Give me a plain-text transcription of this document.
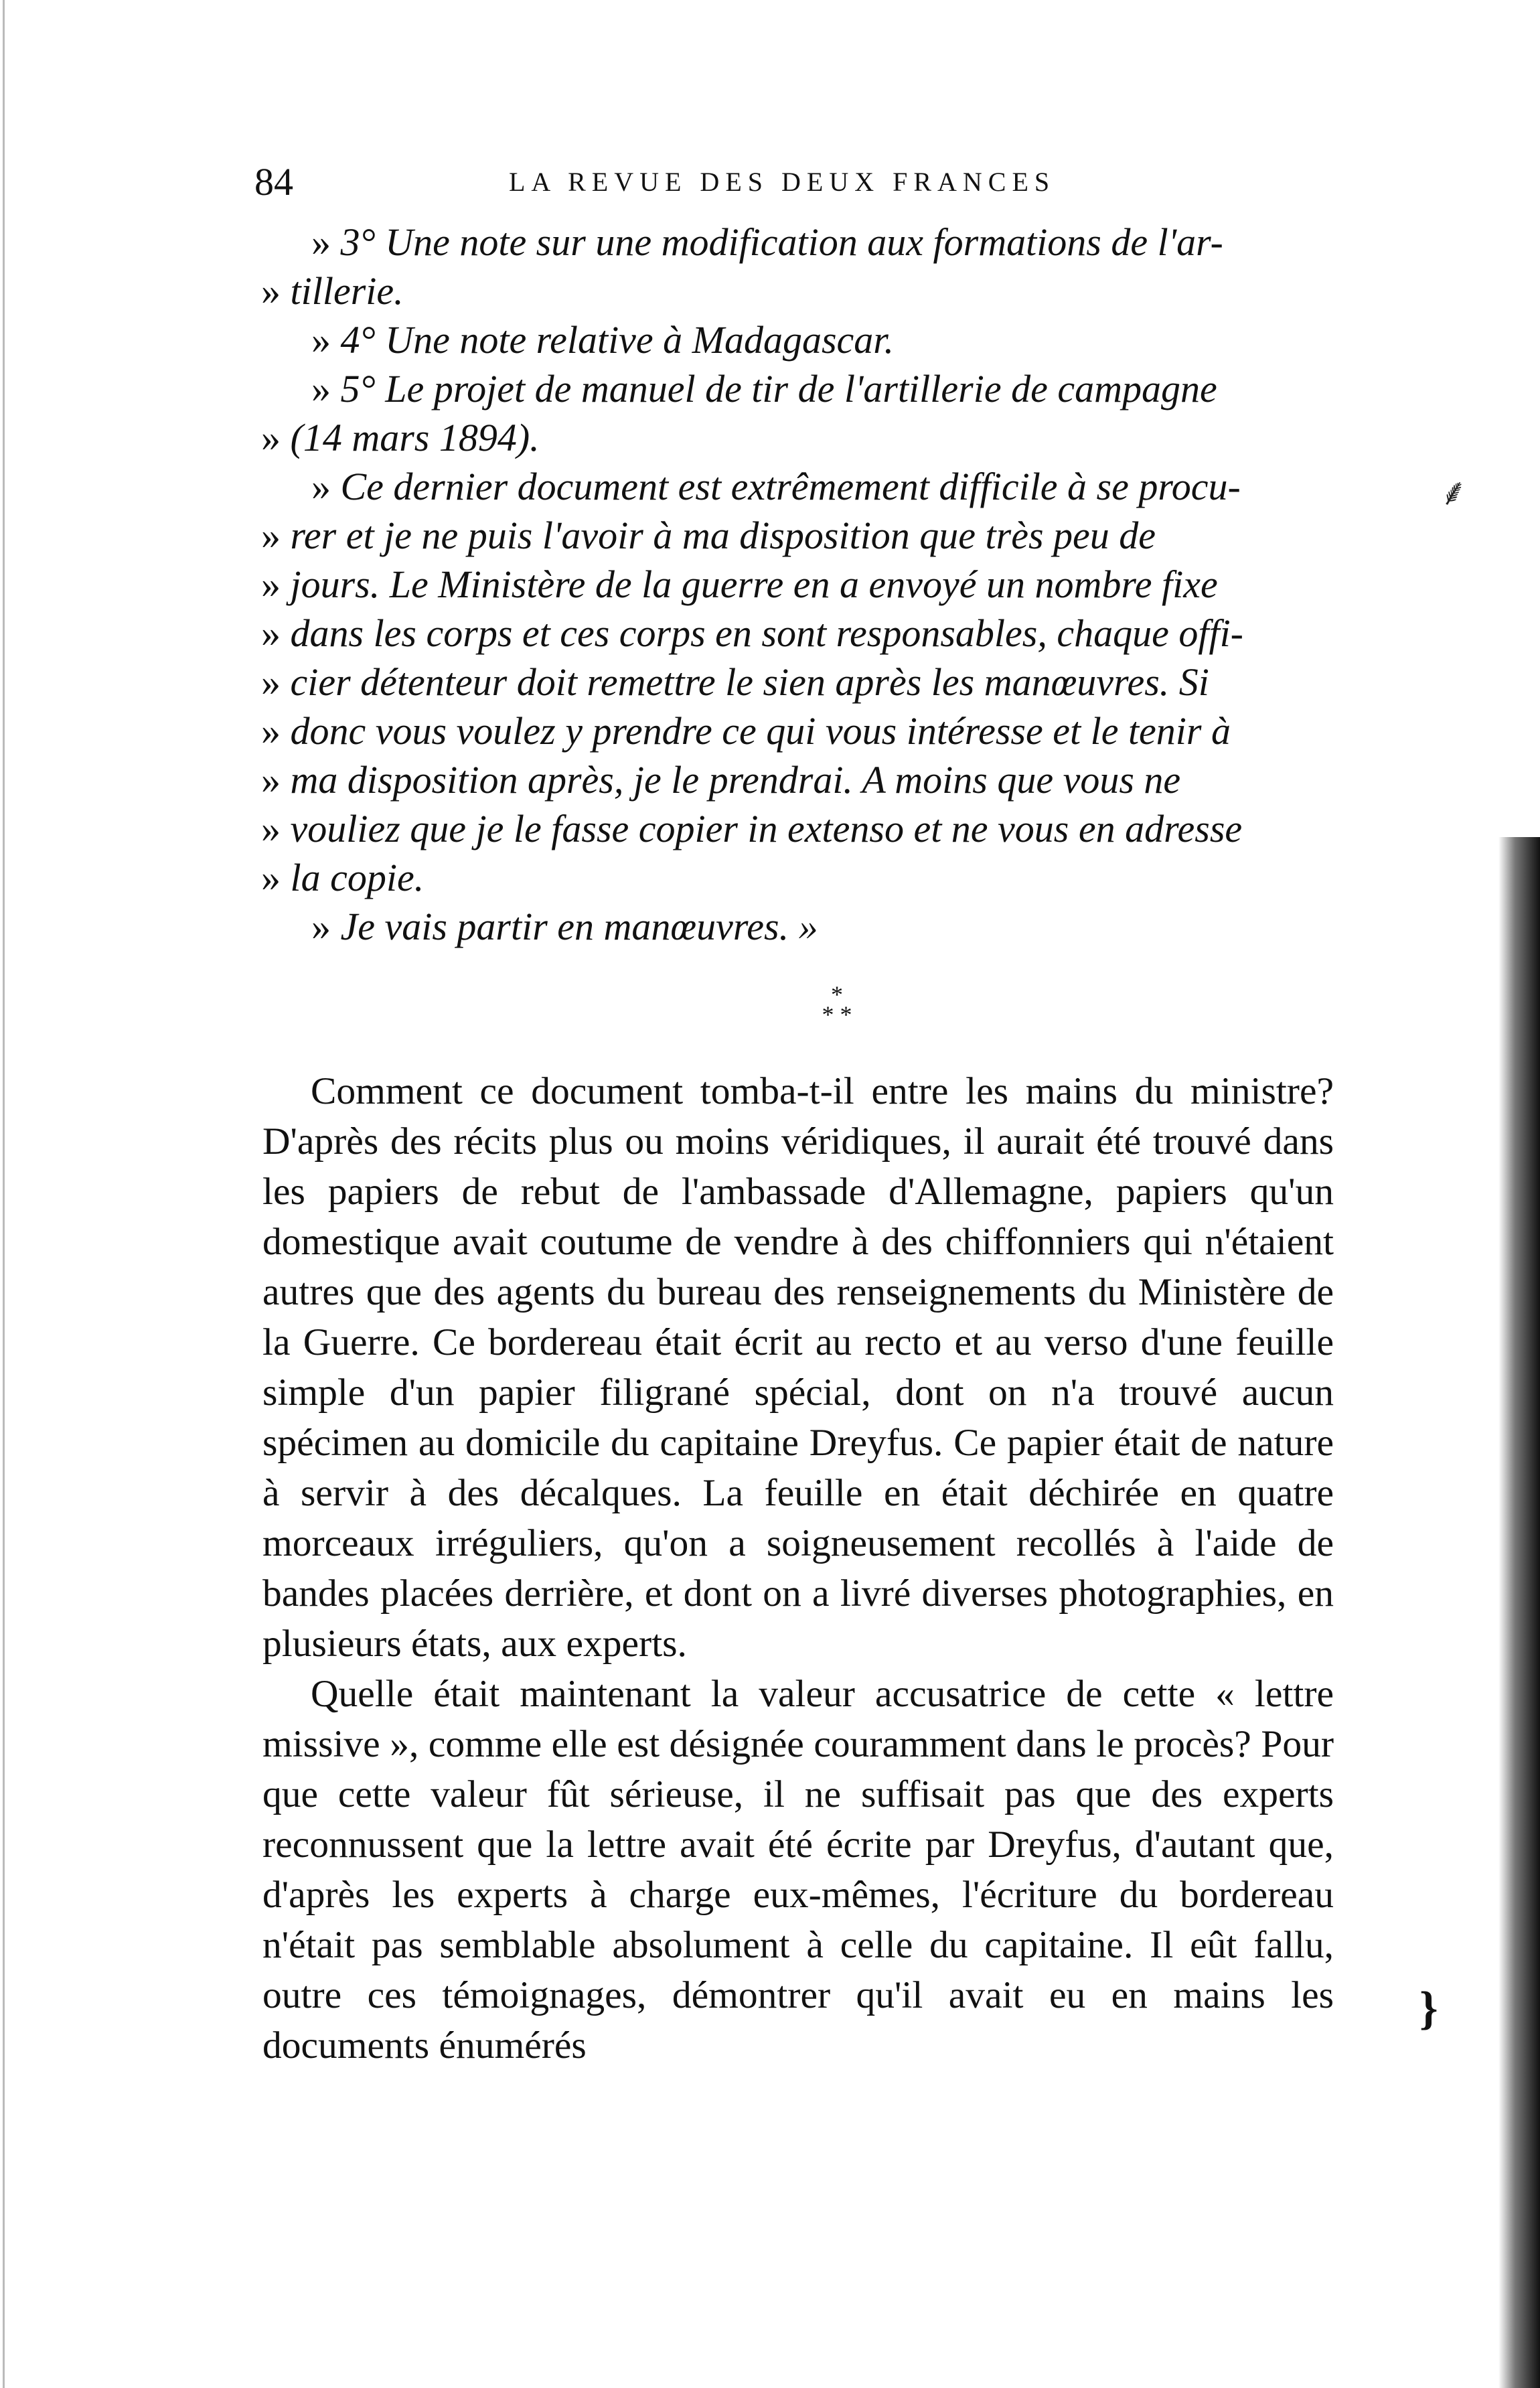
84	LA REVUE DES DEUX FRANCES
» 3° Une note sur une modification aux formations de l'ar-
» tillerie.
» 4° Une note relative à Madagascar.
» 5° Le projet de manuel de tir de l'artillerie de campagne
» (14 mars 1894).
» Ce dernier document est extrêmement difficile à se procu-
» rer et je ne puis l'avoir à ma disposition que très peu de
» jours. Le Ministère de la guerre en a envoyé un nombre fixe
» dans les corps et ces corps en sont responsables, chaque offi-
» cier détenteur doit remettre le sien après les manœuvres. Si
» donc vous voulez y prendre ce qui vous intéresse et le tenir à
» ma disposition après, je le prendrai. A moins que vous ne
» vouliez que je le fasse copier in extenso et ne vous en adresse
» la copie.
» Je vais partir en manœuvres. »
*
* *

Comment ce document tomba-t-il entre les mains du ministre? D'après des récits plus ou moins véridiques, il aurait été trouvé dans les papiers de rebut de l'ambassade d'Allemagne, papiers qu'un domestique avait coutume de vendre à des chiffonniers qui n'étaient autres que des agents du bureau des renseignements du Ministère de la Guerre. Ce bordereau était écrit au recto et au verso d'une feuille simple d'un papier filigrané spécial, dont on n'a trouvé aucun spécimen au domicile du capitaine Dreyfus. Ce papier était de nature à servir à des décalques. La feuille en était déchirée en quatre morceaux irréguliers, qu'on a soigneusement recollés à l'aide de bandes placées derrière, et dont on a livré diverses photographies, en plusieurs états, aux experts.

Quelle était maintenant la valeur accusatrice de cette « lettre missive », comme elle est désignée couramment dans le procès? Pour que cette valeur fût sérieuse, il ne suffisait pas que des experts reconnussent que la lettre avait été écrite par Dreyfus, d'autant que, d'après les experts à charge eux-mêmes, l'écriture du bordereau n'était pas semblable absolument à celle du capitaine. Il eût fallu, outre ces témoignages, démontrer qu'il avait eu en mains les documents énumérés

⸙
}
